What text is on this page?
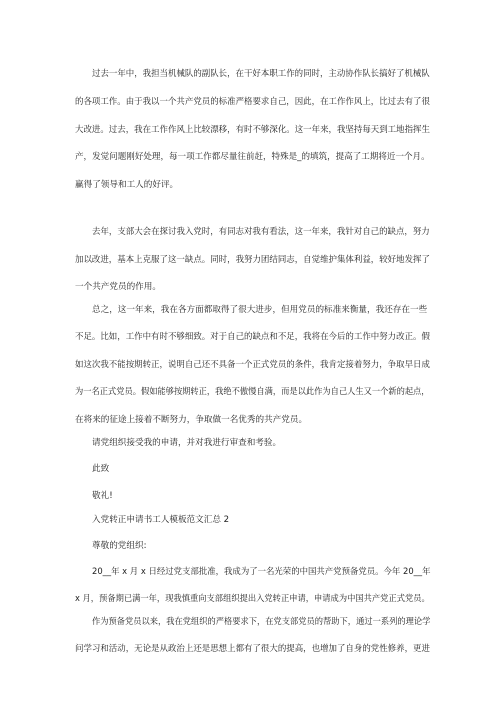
过去一年中，我担当机械队的副队长，在干好本职工作的同时，主动协作队长搞好了机械队
的各项工作。由于我以一个共产党员的标准严格要求自己，因此，在工作作风上，比过去有了很
大改进。过去，我在工作作风上比较漂移，有时不够深化。这一年来，我坚持每天到工地指挥生
产，发觉问题刚好处理，每一项工作都尽量往前赶，特殊是_的填筑，提高了工期将近一个月。
赢得了领导和工人的好评。
去年，支部大会在探讨我入党时，有同志对我有看法，这一年来，我针对自己的缺点，努力
加以改进，基本上克服了这一缺点。同时，我努力团结同志，自觉维护集体利益，较好地发挥了
一个共产党员的作用。
总之，这一年来，我在各方面都取得了很大进步，但用党员的标准来衡量，我还存在一些
不足。比如，工作中有时不够细致。对于自己的缺点和不足，我将在今后的工作中努力改正。假
如这次我不能按期转正，说明自己还不具备一个正式党员的条件，我肯定接着努力，争取早日成
为一名正式党员。假如能够按期转正，我绝不傲慢自满，而是以此作为自己人生又一个新的起点，
在将来的征途上接着不断努力，争取做一名优秀的共产党员。
请党组织接受我的申请，并对我进行审查和考验。
此致
敬礼!
入党转正申请书工人模板范文汇总 2
尊敬的党组织:
20__年 x 月 x 日经过党支部批准，我成为了一名光荣的中国共产党预备党员。今年 20__年
x 月，预备期已满一年，现我慎重向支部组织提出入党转正申请，申请成为中国共产党正式党员。
作为预备党员以来，我在党组织的严格要求下，在党支部党员的帮助下，通过一系列的理论学
问学习和活动，无论是从政治上还是思想上都有了很大的提高，也增加了自身的党性修养，更进
